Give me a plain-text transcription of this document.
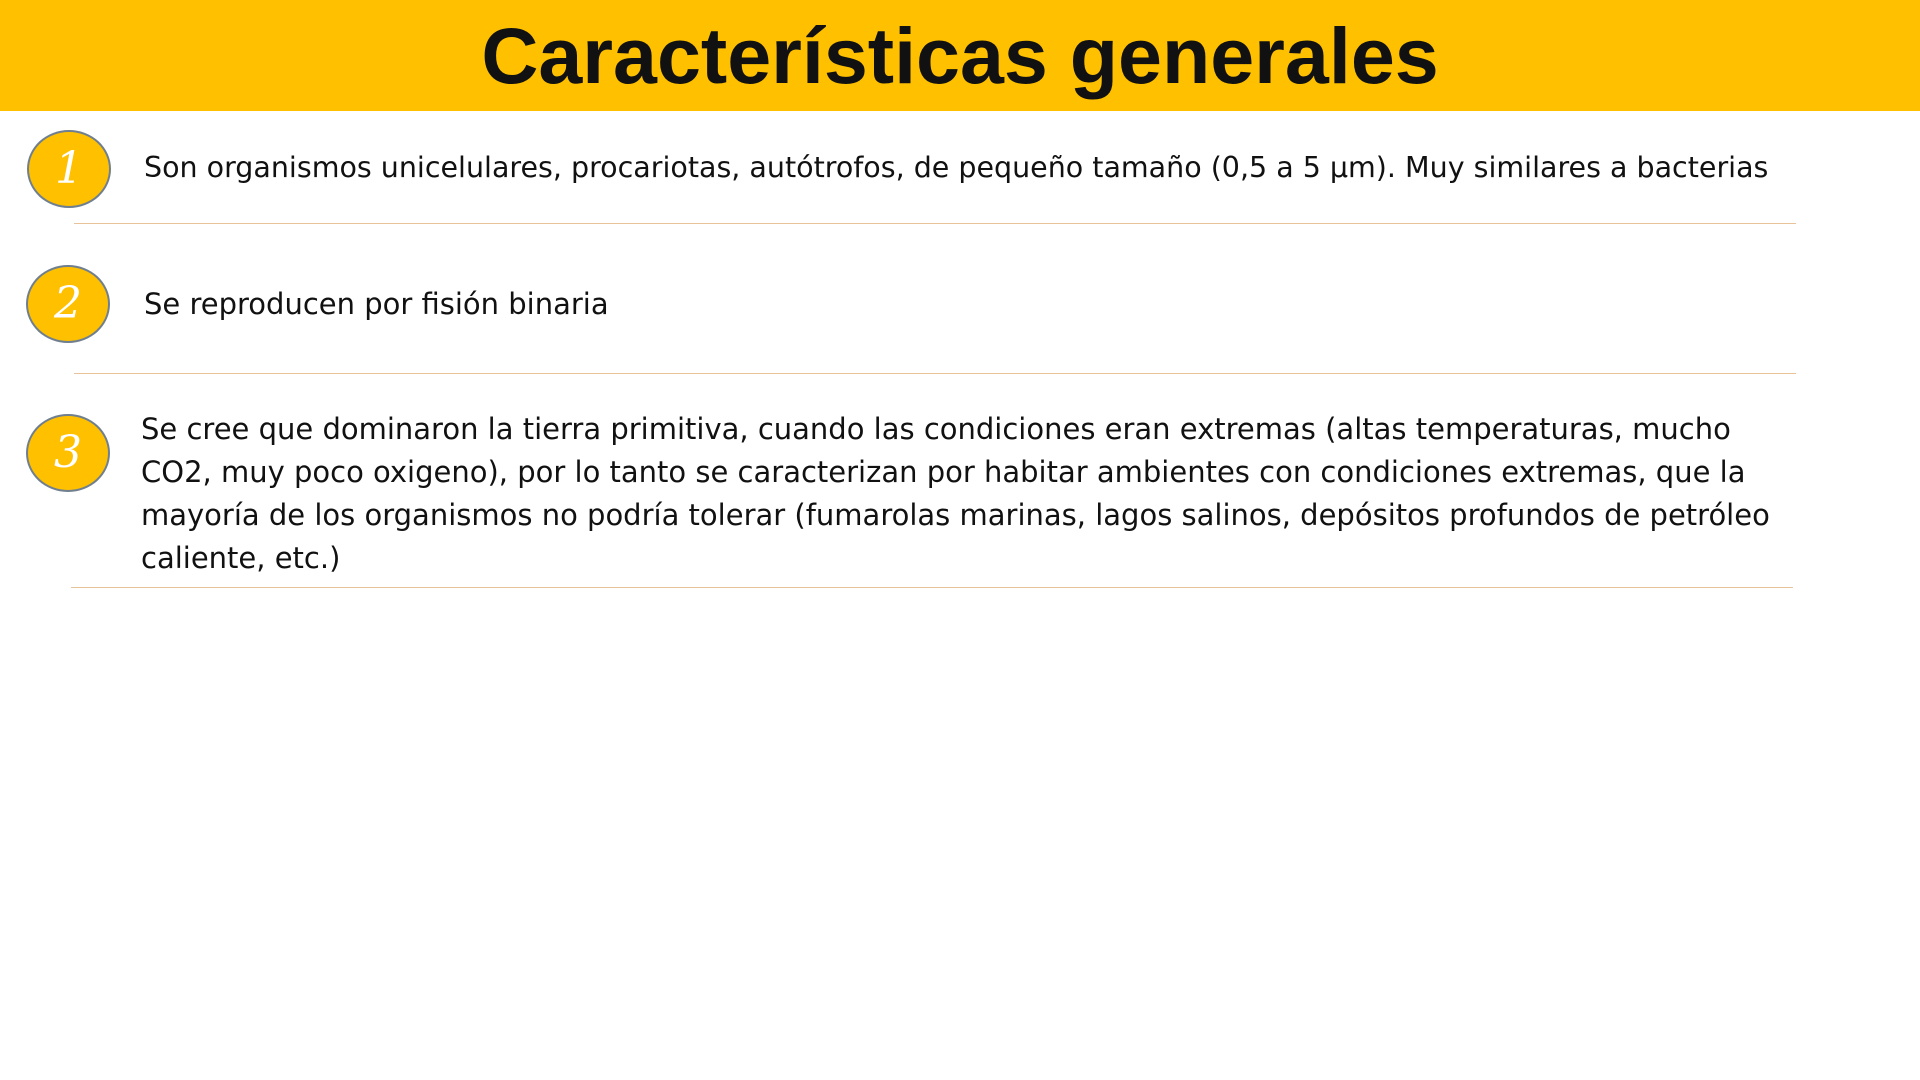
Características generales
1	Son organismos unicelulares, procariotas, autótrofos, de pequeño tamaño (0,5 a 5 µm). Muy similares a bacterias

2	Se reproducen por fisión binaria

3	Se cree que dominaron la tierra primitiva, cuando las condiciones eran extremas (altas temperaturas, mucho CO2, muy poco oxigeno), por lo tanto se caracterizan por habitar ambientes con condiciones extremas, que la mayoría de los organismos no podría tolerar (fumarolas marinas, lagos salinos, depósitos profundos de petróleo caliente, etc.)
